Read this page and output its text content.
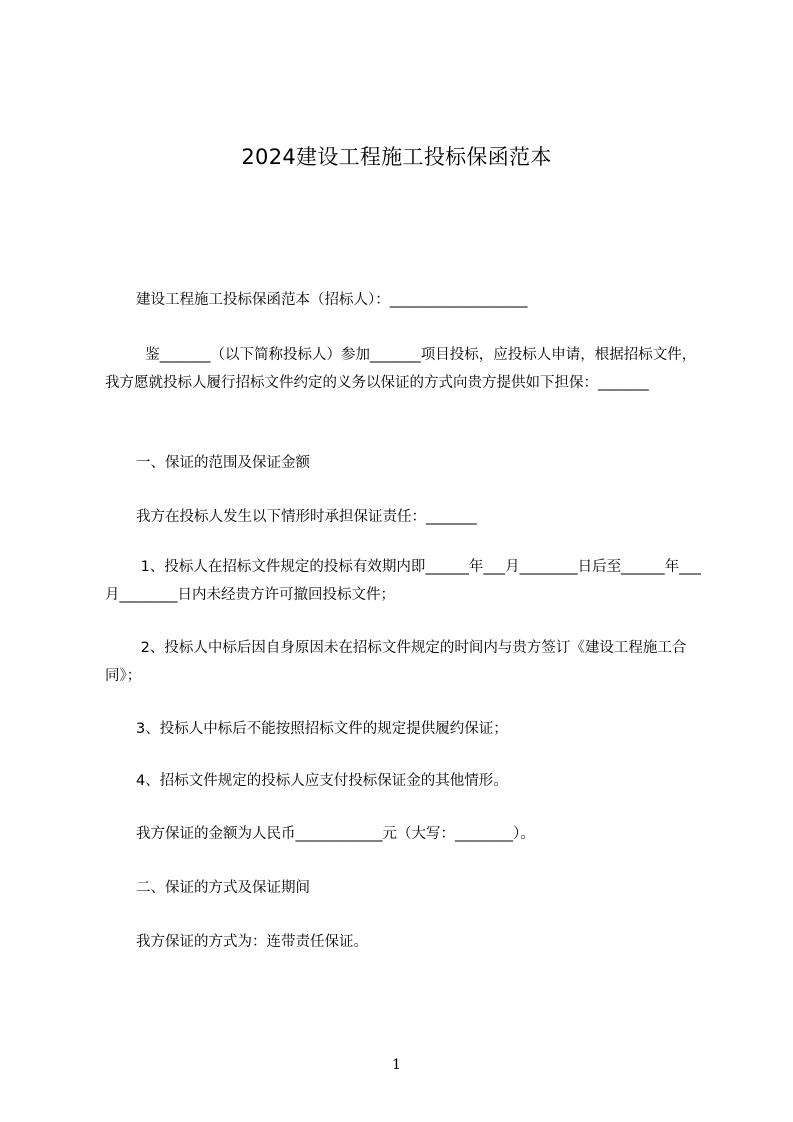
2024建设工程施工投标保函范本
建设工程施工投标保函范本（招标人）：___________________
鉴_______（以下简称投标人）参加_______项目投标，应投标人申请，根据招标文件，我方愿就投标人履行招标文件约定的义务以保证的方式向贵方提供如下担保：_______
一、保证的范围及保证金额
我方在投标人发生以下情形时承担保证责任：_______
1、投标人在招标文件规定的投标有效期内即______年___月________日后至______年___月________日内未经贵方许可撤回投标文件；
2、投标人中标后因自身原因未在招标文件规定的时间内与贵方签订《建设工程施工合同》；
3、投标人中标后不能按照招标文件的规定提供履约保证；
4、招标文件规定的投标人应支付投标保证金的其他情形。
我方保证的金额为人民币____________元（大写：________）。
二、保证的方式及保证期间
我方保证的方式为：连带责任保证。
1
